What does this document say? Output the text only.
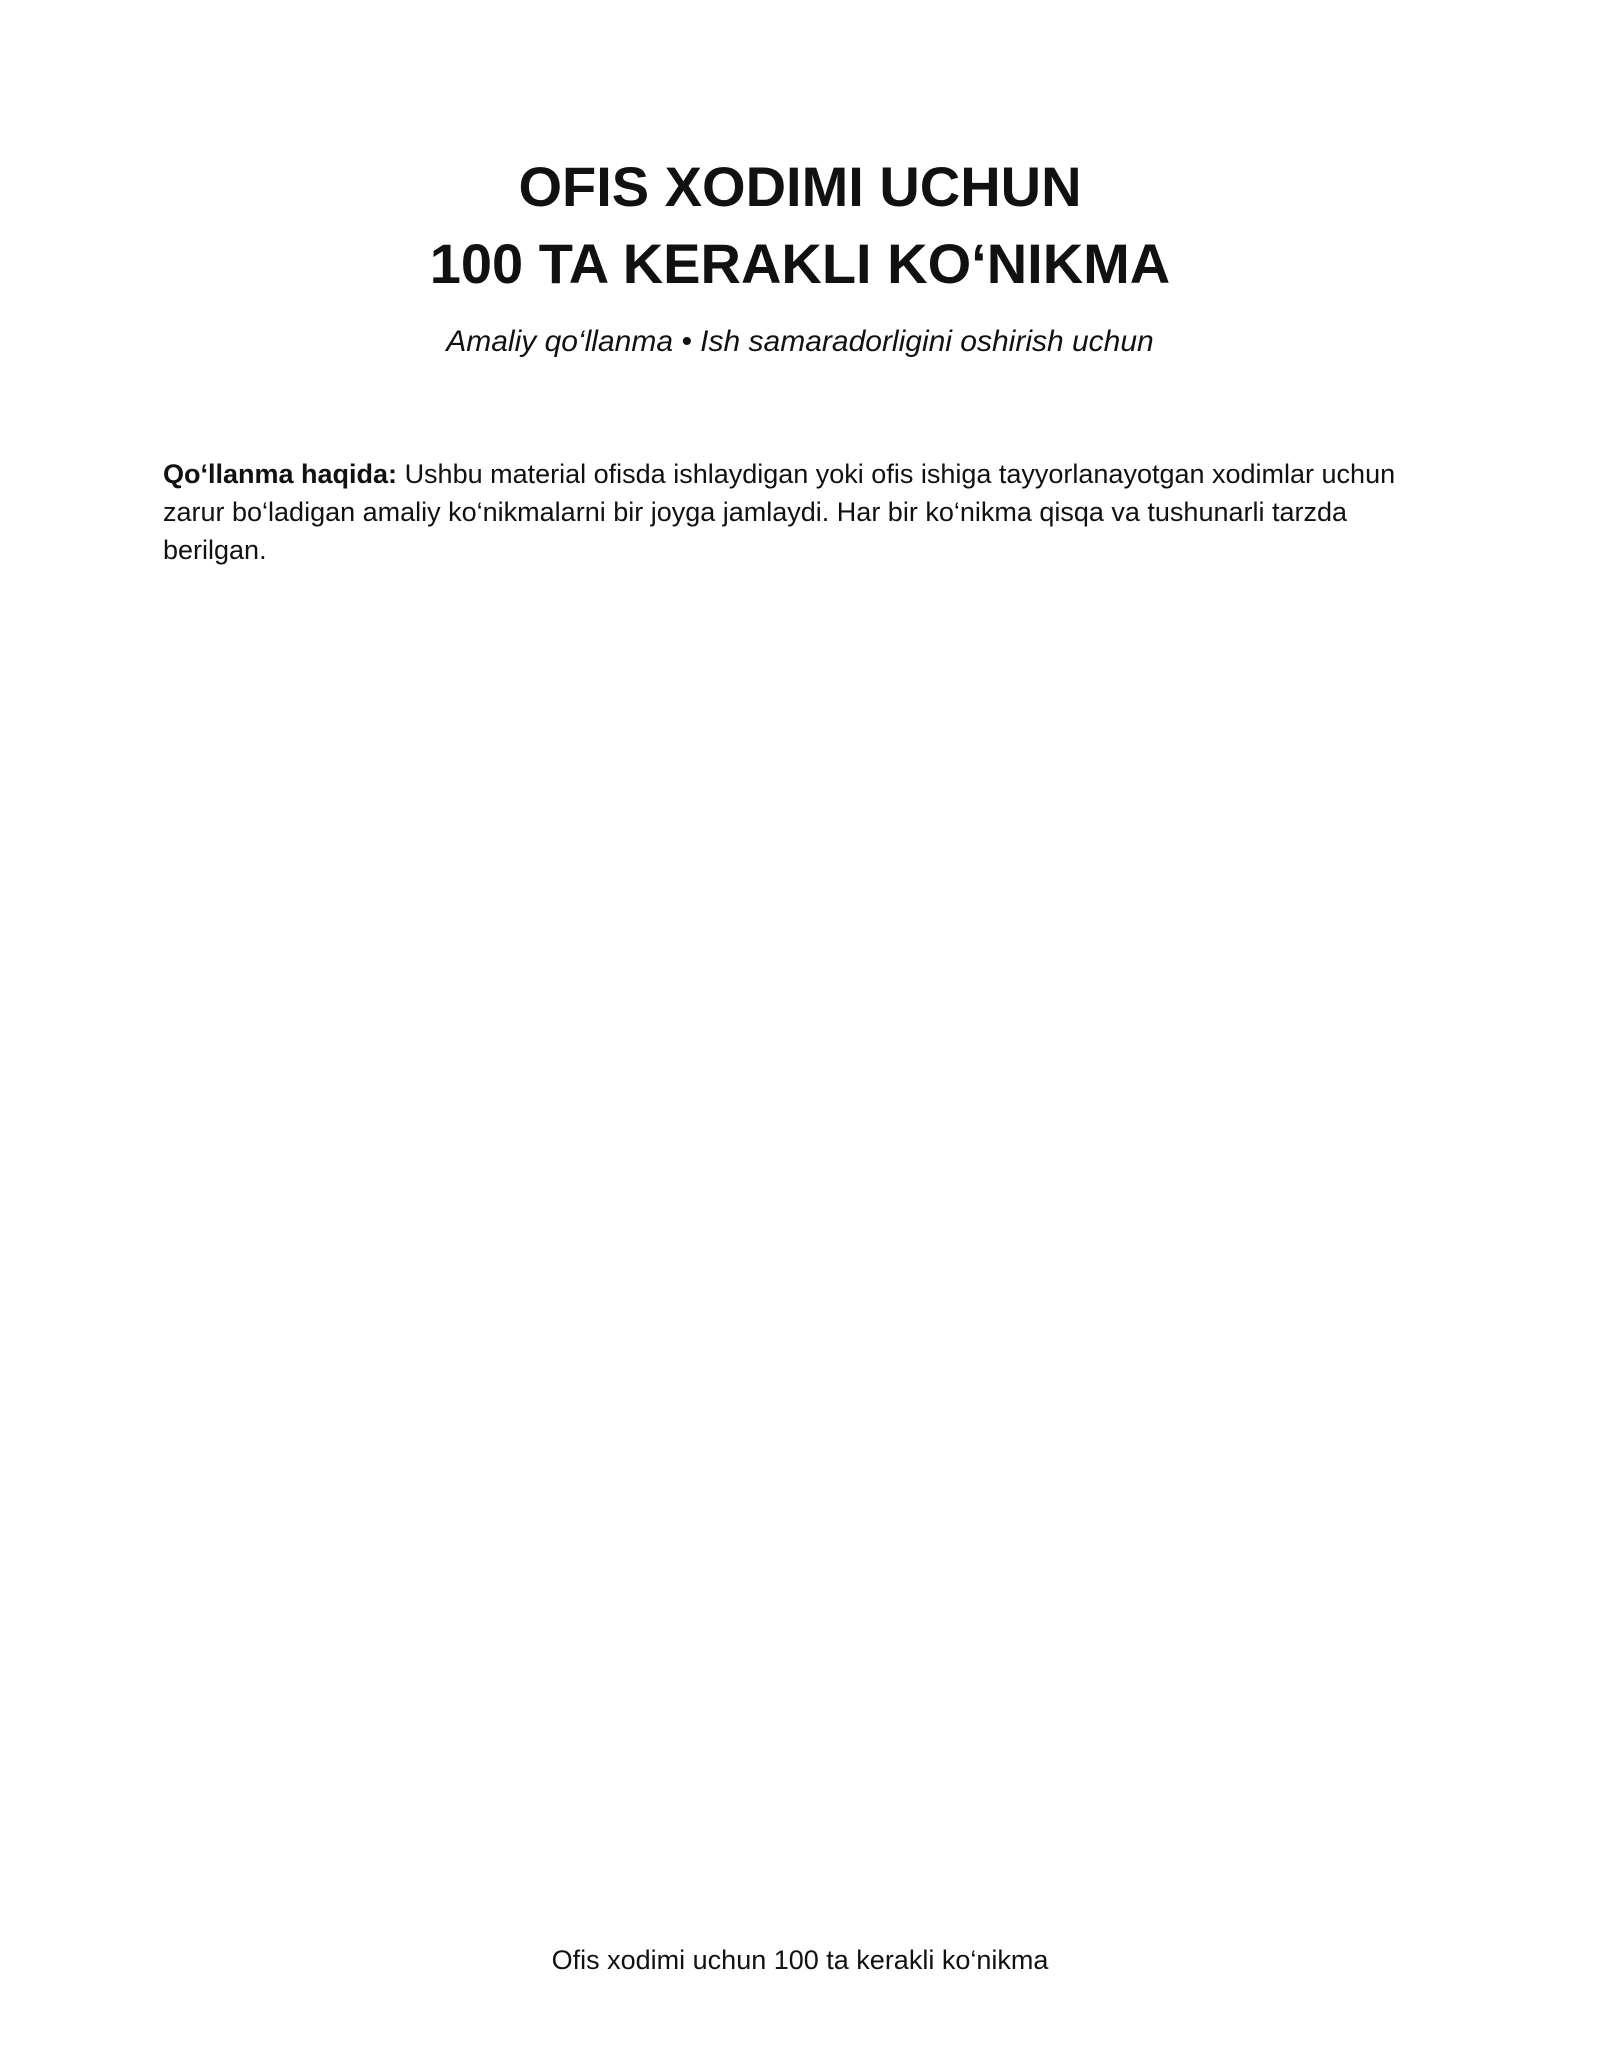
OFIS XODIMI UCHUN
100 TA KERAKLI KO‘NIKMA
Amaliy qo‘llanma • Ish samaradorligini oshirish uchun

Qo‘llanma haqida: Ushbu material ofisda ishlaydigan yoki ofis ishiga tayyorlanayotgan xodimlar uchun zarur bo‘ladigan amaliy ko‘nikmalarni bir joyga jamlaydi. Har bir ko‘nikma qisqa va tushunarli tarzda berilgan.

Ofis xodimi uchun 100 ta kerakli ko‘nikma
